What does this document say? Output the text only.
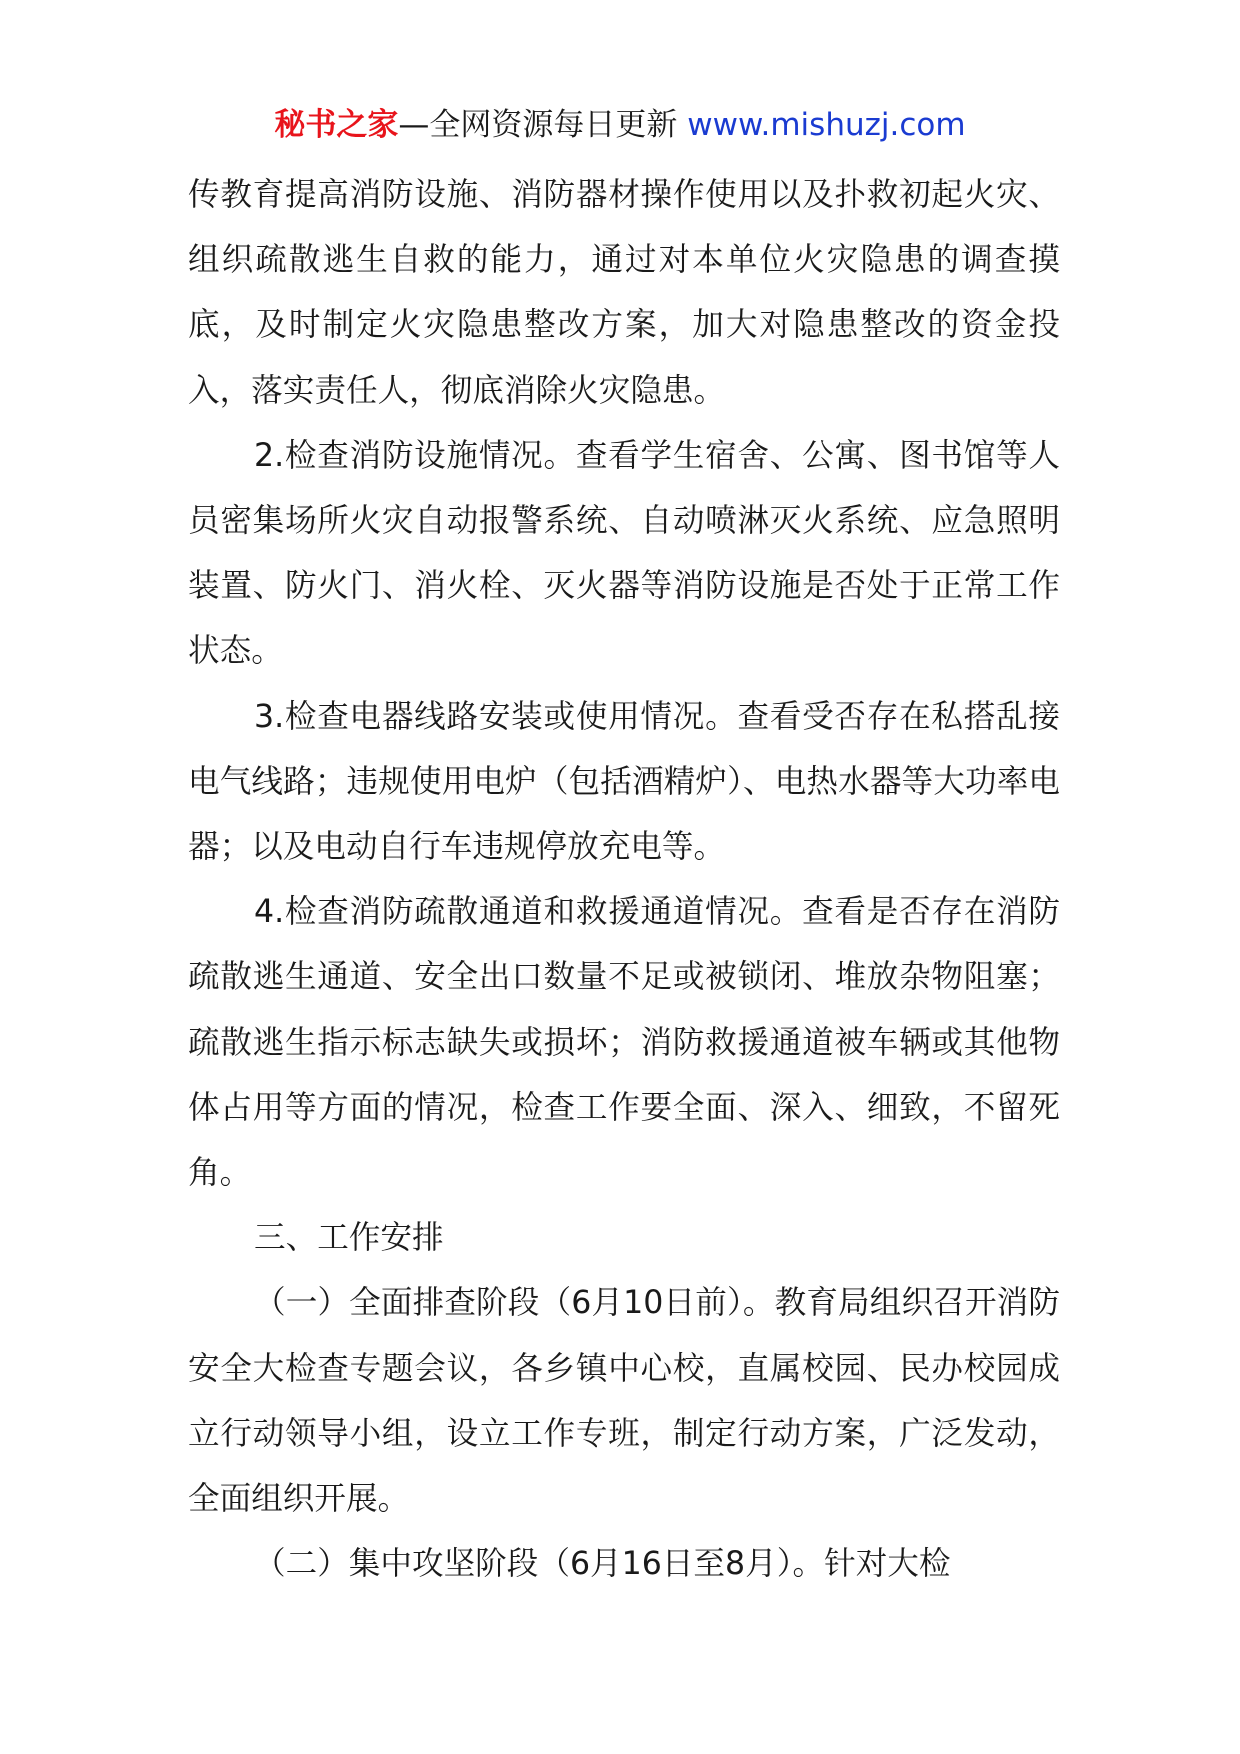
秘书之家—全网资源每日更新 www.mishuzj.com

传教育提高消防设施、消防器材操作使用以及扑救初起火灾、组织疏散逃生自救的能力，通过对本单位火灾隐患的调查摸底，及时制定火灾隐患整改方案，加大对隐患整改的资金投入，落实责任人，彻底消除火灾隐患。

2.检查消防设施情况。查看学生宿舍、公寓、图书馆等人员密集场所火灾自动报警系统、自动喷淋灭火系统、应急照明装置、防火门、消火栓、灭火器等消防设施是否处于正常工作状态。

3.检查电器线路安装或使用情况。查看受否存在私搭乱接电气线路；违规使用电炉（包括酒精炉）、电热水器等大功率电器；以及电动自行车违规停放充电等。

4.检查消防疏散通道和救援通道情况。查看是否存在消防疏散逃生通道、安全出口数量不足或被锁闭、堆放杂物阻塞；疏散逃生指示标志缺失或损坏；消防救援通道被车辆或其他物体占用等方面的情况，检查工作要全面、深入、细致，不留死角。

三、工作安排

（一）全面排查阶段（6月10日前）。教育局组织召开消防安全大检查专题会议，各乡镇中心校，直属校园、民办校园成立行动领导小组，设立工作专班，制定行动方案，广泛发动，全面组织开展。

（二）集中攻坚阶段（6月16日至8月）。针对大检
